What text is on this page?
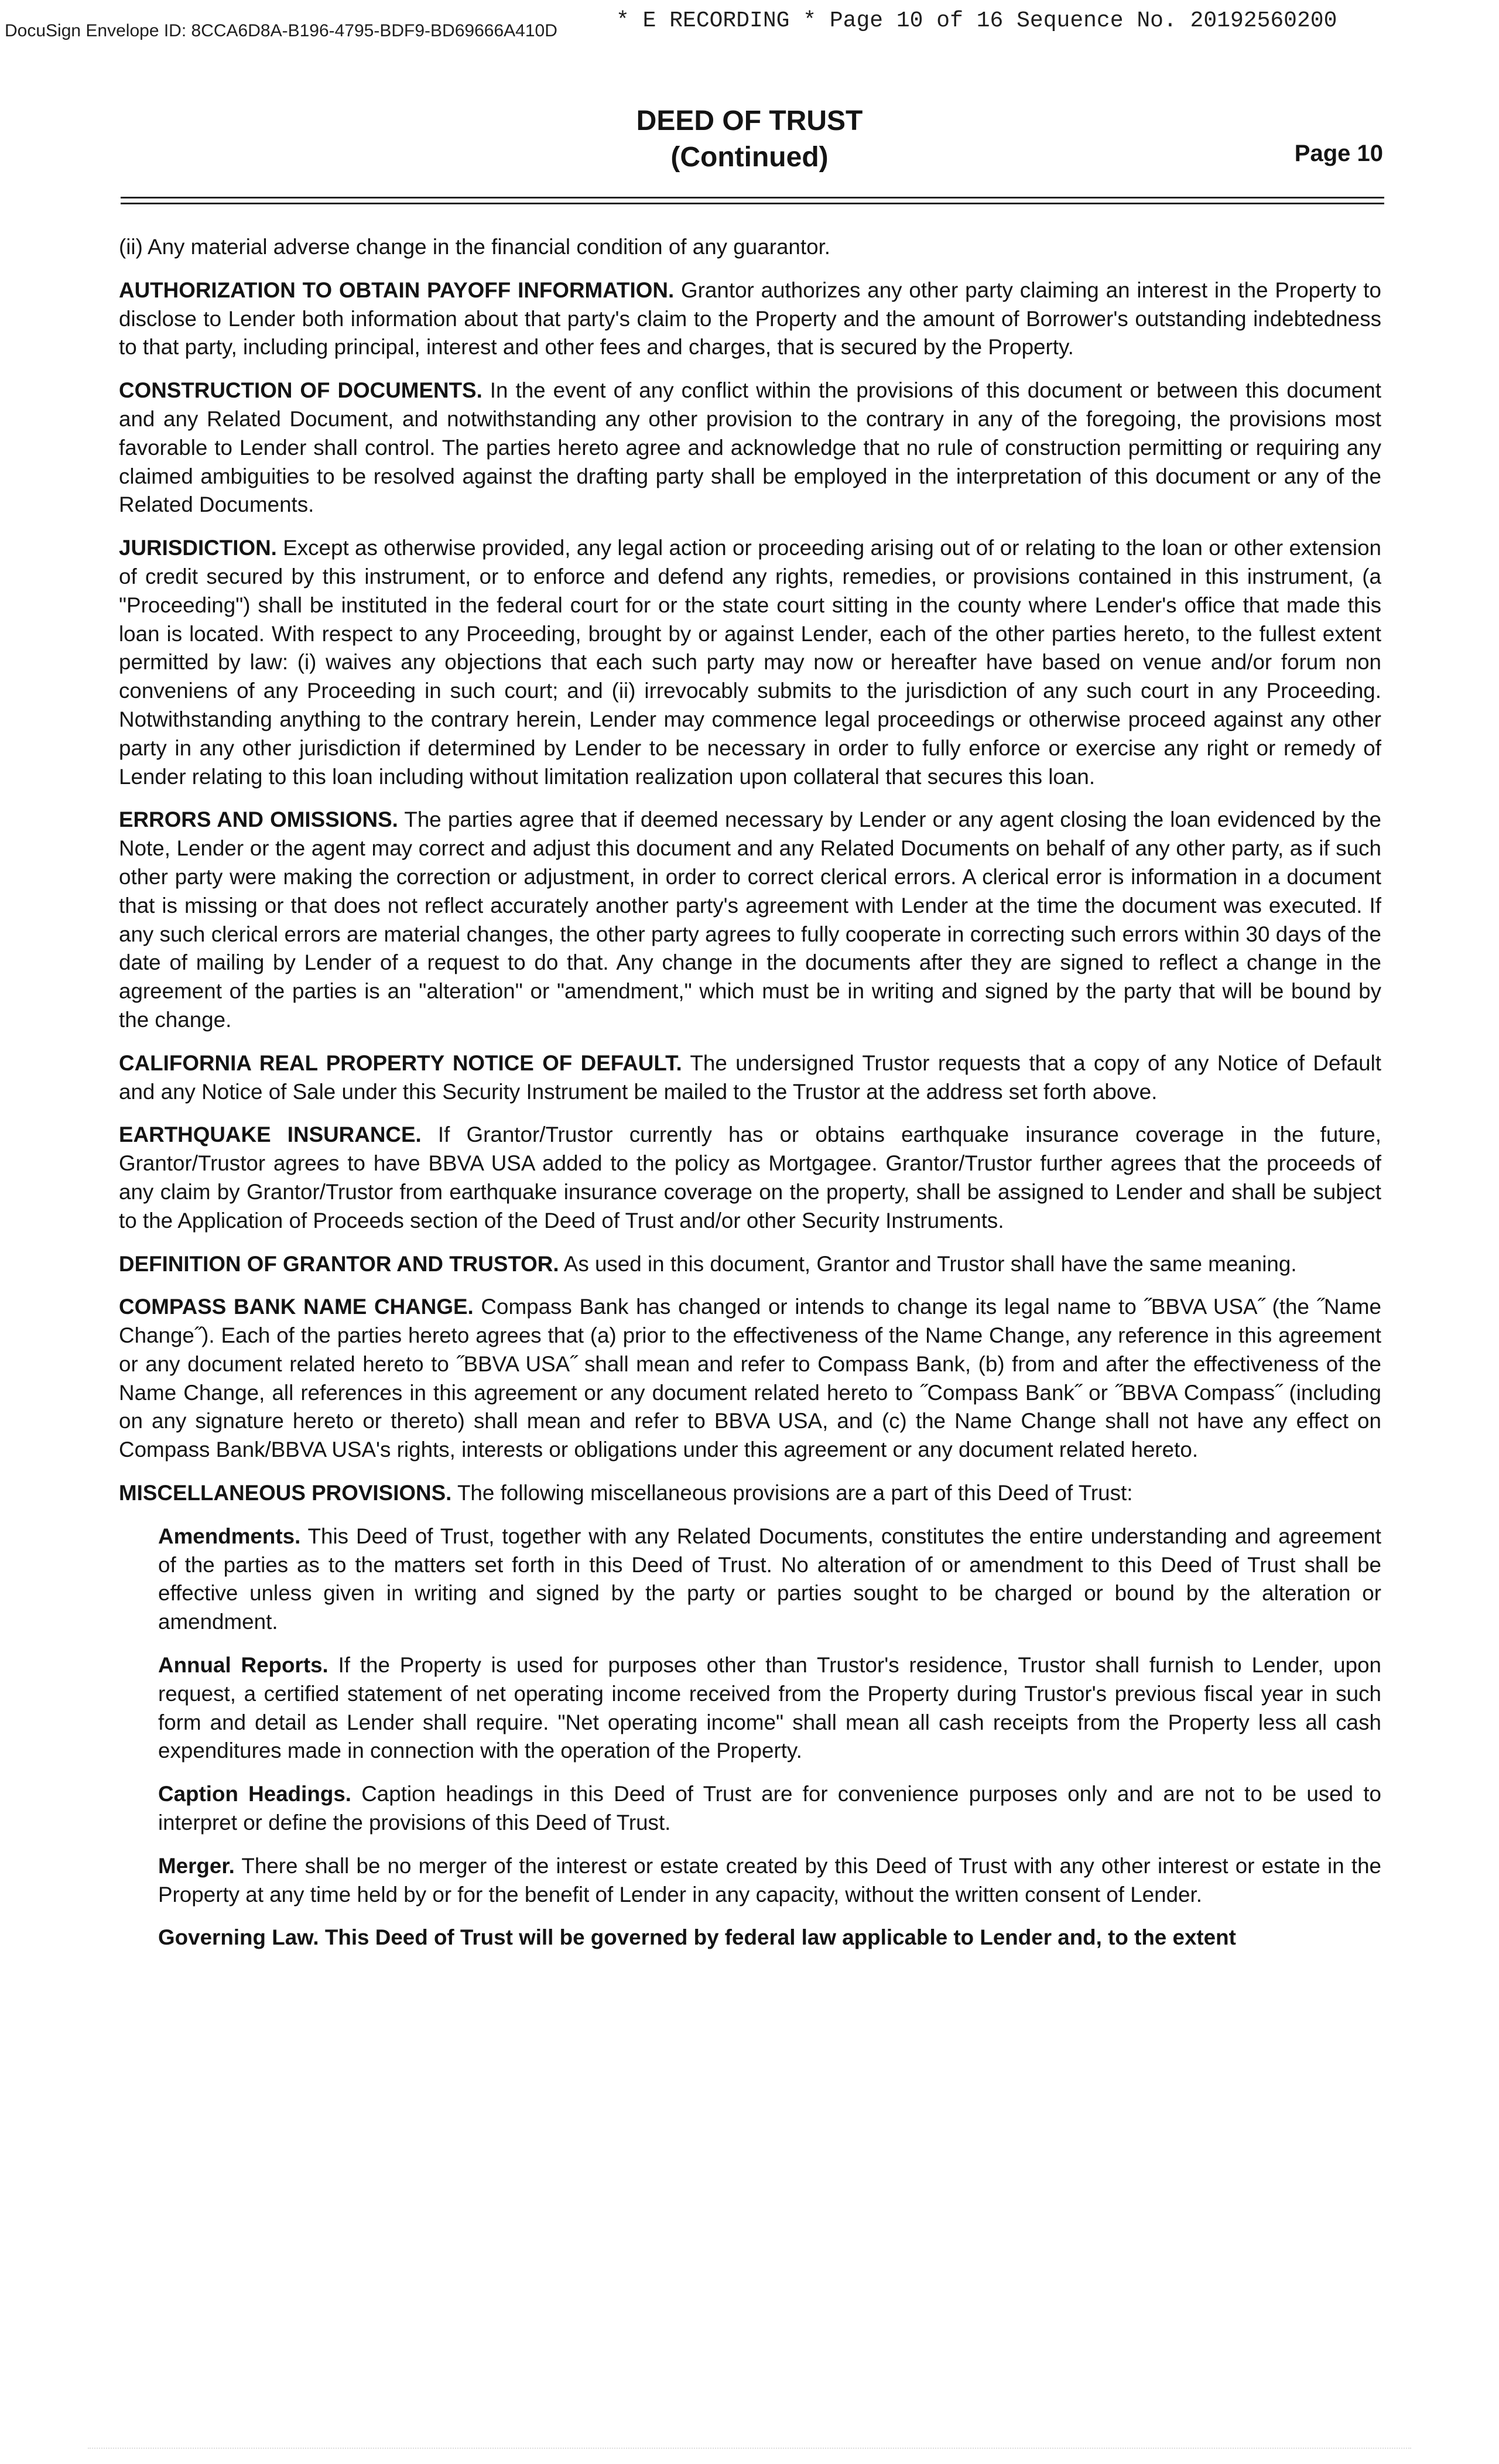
DocuSign Envelope ID: 8CCA6D8A-B196-4795-BDF9-BD69666A410D	* E RECORDING * Page 10 of 16 Sequence No. 20192560200
DEED OF TRUST
(Continued)	Page 10

(ii) Any material adverse change in the financial condition of any guarantor.

AUTHORIZATION TO OBTAIN PAYOFF INFORMATION. Grantor authorizes any other party claiming an interest in the Property to disclose to Lender both information about that party's claim to the Property and the amount of Borrower's outstanding indebtedness to that party, including principal, interest and other fees and charges, that is secured by the Property.

CONSTRUCTION OF DOCUMENTS. In the event of any conflict within the provisions of this document or between this document and any Related Document, and notwithstanding any other provision to the contrary in any of the foregoing, the provisions most favorable to Lender shall control. The parties hereto agree and acknowledge that no rule of construction permitting or requiring any claimed ambiguities to be resolved against the drafting party shall be employed in the interpretation of this document or any of the Related Documents.

JURISDICTION. Except as otherwise provided, any legal action or proceeding arising out of or relating to the loan or other extension of credit secured by this instrument, or to enforce and defend any rights, remedies, or provisions contained in this instrument, (a "Proceeding") shall be instituted in the federal court for or the state court sitting in the county where Lender's office that made this loan is located. With respect to any Proceeding, brought by or against Lender, each of the other parties hereto, to the fullest extent permitted by law: (i) waives any objections that each such party may now or hereafter have based on venue and/or forum non conveniens of any Proceeding in such court; and (ii) irrevocably submits to the jurisdiction of any such court in any Proceeding. Notwithstanding anything to the contrary herein, Lender may commence legal proceedings or otherwise proceed against any other party in any other jurisdiction if determined by Lender to be necessary in order to fully enforce or exercise any right or remedy of Lender relating to this loan including without limitation realization upon collateral that secures this loan.

ERRORS AND OMISSIONS. The parties agree that if deemed necessary by Lender or any agent closing the loan evidenced by the Note, Lender or the agent may correct and adjust this document and any Related Documents on behalf of any other party, as if such other party were making the correction or adjustment, in order to correct clerical errors. A clerical error is information in a document that is missing or that does not reflect accurately another party's agreement with Lender at the time the document was executed. If any such clerical errors are material changes, the other party agrees to fully cooperate in correcting such errors within 30 days of the date of mailing by Lender of a request to do that. Any change in the documents after they are signed to reflect a change in the agreement of the parties is an "alteration" or "amendment," which must be in writing and signed by the party that will be bound by the change.

CALIFORNIA REAL PROPERTY NOTICE OF DEFAULT. The undersigned Trustor requests that a copy of any Notice of Default and any Notice of Sale under this Security Instrument be mailed to the Trustor at the address set forth above.

EARTHQUAKE INSURANCE. If Grantor/Trustor currently has or obtains earthquake insurance coverage in the future, Grantor/Trustor agrees to have BBVA USA added to the policy as Mortgagee. Grantor/Trustor further agrees that the proceeds of any claim by Grantor/Trustor from earthquake insurance coverage on the property, shall be assigned to Lender and shall be subject to the Application of Proceeds section of the Deed of Trust and/or other Security Instruments.

DEFINITION OF GRANTOR AND TRUSTOR. As used in this document, Grantor and Trustor shall have the same meaning.

COMPASS BANK NAME CHANGE. Compass Bank has changed or intends to change its legal name to ˝BBVA USA˝ (the ˝Name Change˝). Each of the parties hereto agrees that (a) prior to the effectiveness of the Name Change, any reference in this agreement or any document related hereto to ˝BBVA USA˝ shall mean and refer to Compass Bank, (b) from and after the effectiveness of the Name Change, all references in this agreement or any document related hereto to ˝Compass Bank˝ or ˝BBVA Compass˝ (including on any signature hereto or thereto) shall mean and refer to BBVA USA, and (c) the Name Change shall not have any effect on Compass Bank/BBVA USA's rights, interests or obligations under this agreement or any document related hereto.

MISCELLANEOUS PROVISIONS. The following miscellaneous provisions are a part of this Deed of Trust:

Amendments. This Deed of Trust, together with any Related Documents, constitutes the entire understanding and agreement of the parties as to the matters set forth in this Deed of Trust. No alteration of or amendment to this Deed of Trust shall be effective unless given in writing and signed by the party or parties sought to be charged or bound by the alteration or amendment.

Annual Reports. If the Property is used for purposes other than Trustor's residence, Trustor shall furnish to Lender, upon request, a certified statement of net operating income received from the Property during Trustor's previous fiscal year in such form and detail as Lender shall require. "Net operating income" shall mean all cash receipts from the Property less all cash expenditures made in connection with the operation of the Property.

Caption Headings. Caption headings in this Deed of Trust are for convenience purposes only and are not to be used to interpret or define the provisions of this Deed of Trust.

Merger. There shall be no merger of the interest or estate created by this Deed of Trust with any other interest or estate in the Property at any time held by or for the benefit of Lender in any capacity, without the written consent of Lender.

Governing Law. This Deed of Trust will be governed by federal law applicable to Lender and, to the extent
